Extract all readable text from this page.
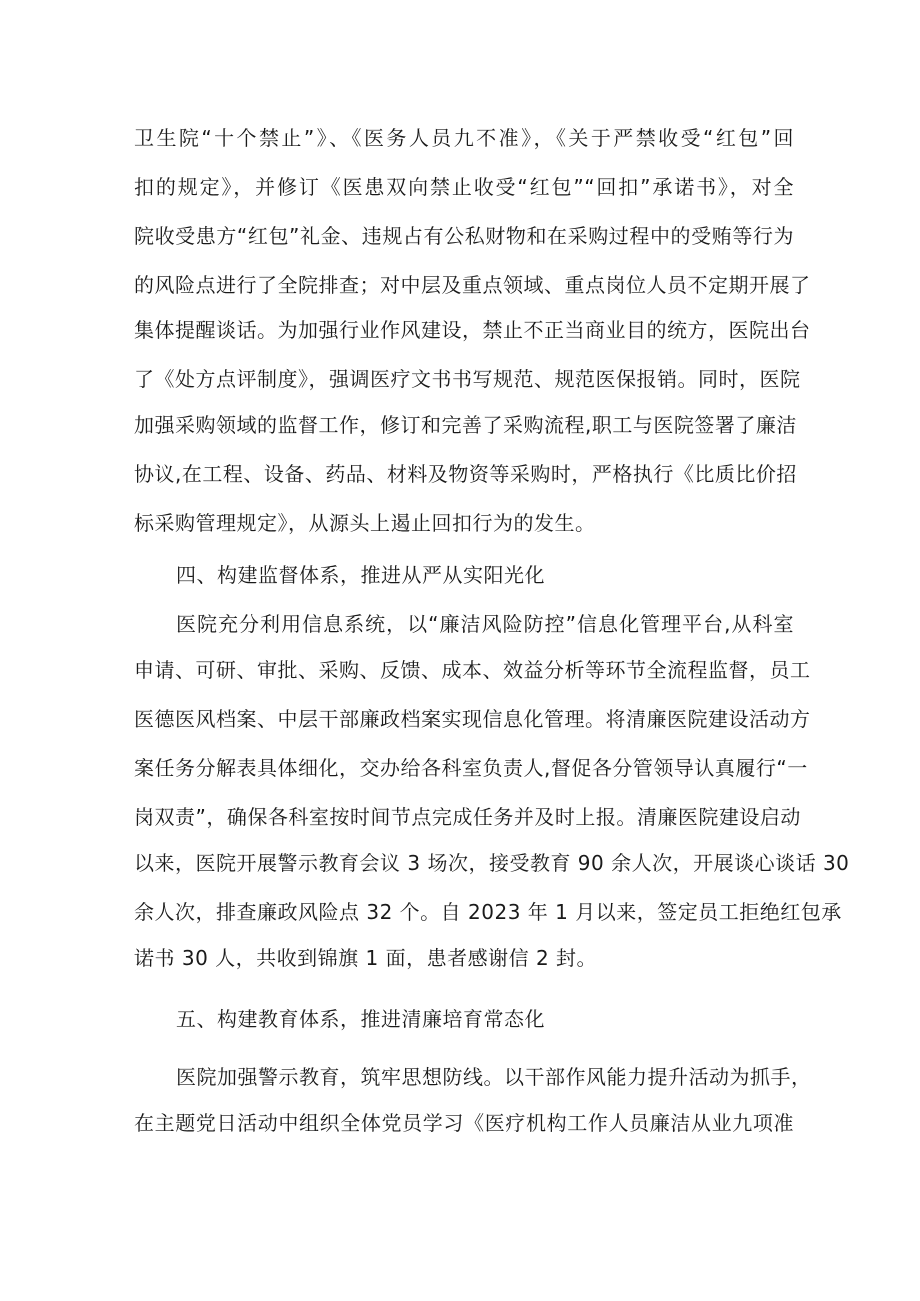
卫生院“十个禁止”》、《医务人员九不准》，《关于严禁收受“红包”回
扣的规定》，并修订《医患双向禁止收受“红包”“回扣”承诺书》，对全
院收受患方“红包”礼金、违规占有公私财物和在采购过程中的受贿等行为
的风险点进行了全院排查；对中层及重点领域、重点岗位人员不定期开展了
集体提醒谈话。为加强行业作风建设，禁止不正当商业目的统方，医院出台
了《处方点评制度》，强调医疗文书书写规范、规范医保报销。同时，医院
加强采购领域的监督工作，修订和完善了采购流程,职工与医院签署了廉洁
协议,在工程、设备、药品、材料及物资等采购时，严格执行《比质比价招
标采购管理规定》，从源头上遏止回扣行为的发生。
四、构建监督体系，推进从严从实阳光化
医院充分利用信息系统，以“廉洁风险防控”信息化管理平台,从科室
申请、可研、审批、采购、反馈、成本、效益分析等环节全流程监督，员工
医德医风档案、中层干部廉政档案实现信息化管理。将清廉医院建设活动方
案任务分解表具体细化，交办给各科室负责人,督促各分管领导认真履行“一
岗双责”，确保各科室按时间节点完成任务并及时上报。清廉医院建设启动
以来，医院开展警示教育会议 3 场次，接受教育 90 余人次，开展谈心谈话 30
余人次，排查廉政风险点 32 个。自 2023 年 1 月以来，签定员工拒绝红包承
诺书 30 人，共收到锦旗 1 面，患者感谢信 2 封。
五、构建教育体系，推进清廉培育常态化
医院加强警示教育，筑牢思想防线。以干部作风能力提升活动为抓手，
在主题党日活动中组织全体党员学习《医疗机构工作人员廉洁从业九项准
